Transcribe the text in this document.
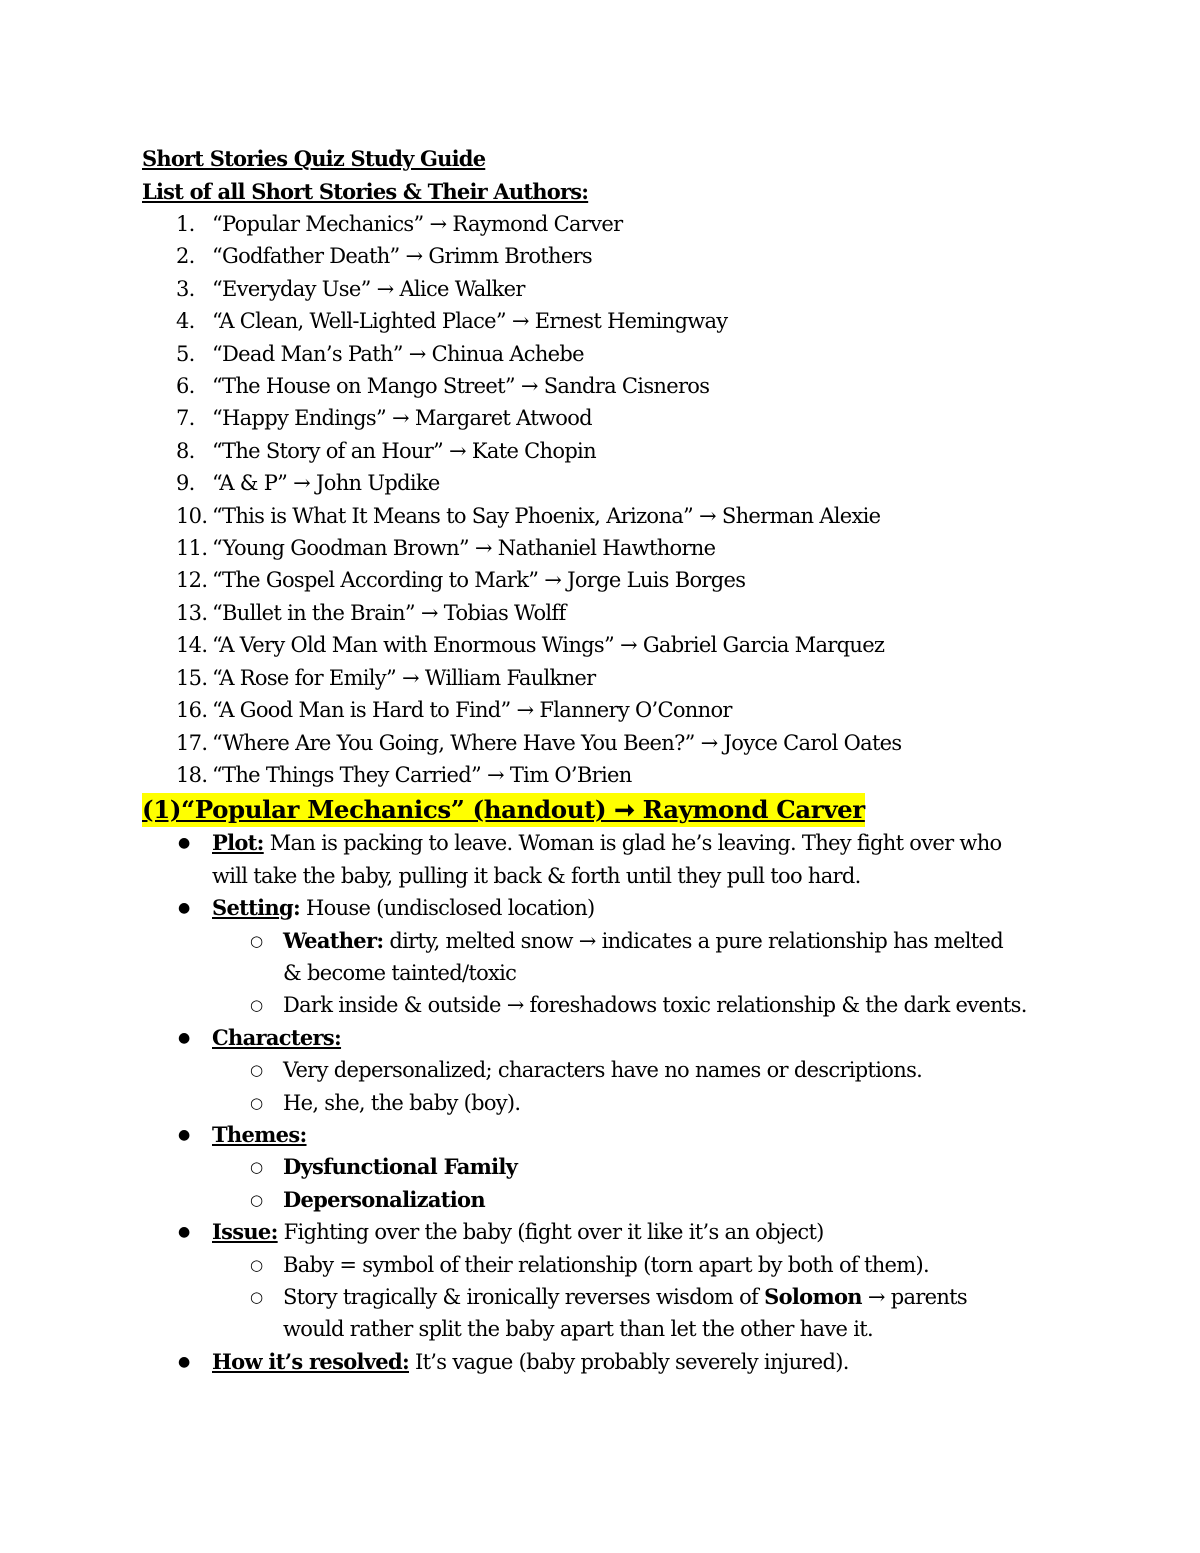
Short Stories Quiz Study Guide
List of all Short Stories & Their Authors:
1. “Popular Mechanics” → Raymond Carver
2. “Godfather Death” → Grimm Brothers
3. “Everyday Use” → Alice Walker
4. “A Clean, Well-Lighted Place” → Ernest Hemingway
5. “Dead Man’s Path” → Chinua Achebe
6. “The House on Mango Street” → Sandra Cisneros
7. “Happy Endings” → Margaret Atwood
8. “The Story of an Hour” → Kate Chopin
9. “A & P” → John Updike
10. “This is What It Means to Say Phoenix, Arizona” → Sherman Alexie
11. “Young Goodman Brown” → Nathaniel Hawthorne
12. “The Gospel According to Mark” → Jorge Luis Borges
13. “Bullet in the Brain” → Tobias Wolff
14. “A Very Old Man with Enormous Wings” → Gabriel Garcia Marquez
15. “A Rose for Emily” → William Faulkner
16. “A Good Man is Hard to Find” → Flannery O’Connor
17. “Where Are You Going, Where Have You Been?” → Joyce Carol Oates
18. “The Things They Carried” → Tim O’Brien
(1)“Popular Mechanics” (handout) ➞ Raymond Carver
● Plot: Man is packing to leave. Woman is glad he’s leaving. They fight over who
will take the baby, pulling it back & forth until they pull too hard.
● Setting: House (undisclosed location)
○ Weather: dirty, melted snow → indicates a pure relationship has melted
& become tainted/toxic
○ Dark inside & outside → foreshadows toxic relationship & the dark events.
● Characters:
○ Very depersonalized; characters have no names or descriptions.
○ He, she, the baby (boy).
● Themes:
○ Dysfunctional Family
○ Depersonalization
● Issue: Fighting over the baby (fight over it like it’s an object)
○ Baby = symbol of their relationship (torn apart by both of them).
○ Story tragically & ironically reverses wisdom of Solomon → parents
would rather split the baby apart than let the other have it.
● How it’s resolved: It’s vague (baby probably severely injured).
